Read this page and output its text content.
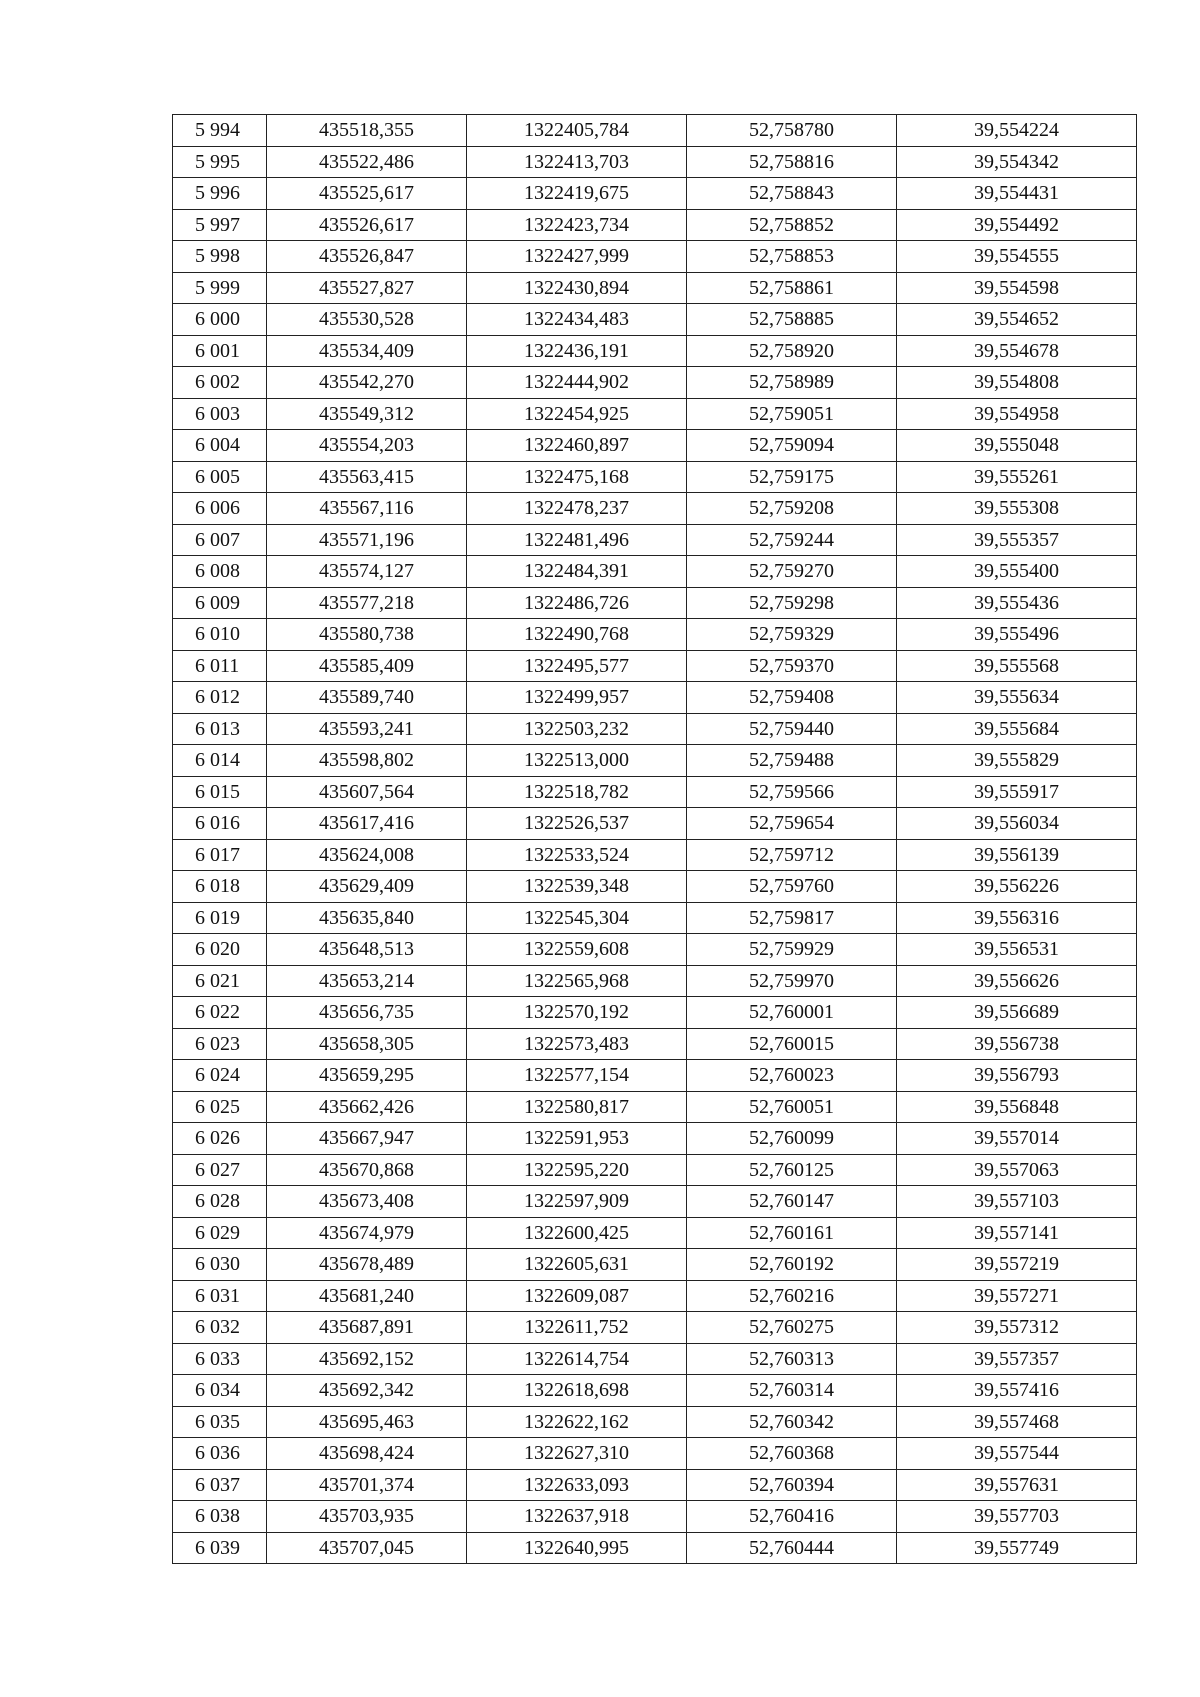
5 994	435518,355	1322405,784	52,758780	39,554224
5 995	435522,486	1322413,703	52,758816	39,554342
5 996	435525,617	1322419,675	52,758843	39,554431
5 997	435526,617	1322423,734	52,758852	39,554492
5 998	435526,847	1322427,999	52,758853	39,554555
5 999	435527,827	1322430,894	52,758861	39,554598
6 000	435530,528	1322434,483	52,758885	39,554652
6 001	435534,409	1322436,191	52,758920	39,554678
6 002	435542,270	1322444,902	52,758989	39,554808
6 003	435549,312	1322454,925	52,759051	39,554958
6 004	435554,203	1322460,897	52,759094	39,555048
6 005	435563,415	1322475,168	52,759175	39,555261
6 006	435567,116	1322478,237	52,759208	39,555308
6 007	435571,196	1322481,496	52,759244	39,555357
6 008	435574,127	1322484,391	52,759270	39,555400
6 009	435577,218	1322486,726	52,759298	39,555436
6 010	435580,738	1322490,768	52,759329	39,555496
6 011	435585,409	1322495,577	52,759370	39,555568
6 012	435589,740	1322499,957	52,759408	39,555634
6 013	435593,241	1322503,232	52,759440	39,555684
6 014	435598,802	1322513,000	52,759488	39,555829
6 015	435607,564	1322518,782	52,759566	39,555917
6 016	435617,416	1322526,537	52,759654	39,556034
6 017	435624,008	1322533,524	52,759712	39,556139
6 018	435629,409	1322539,348	52,759760	39,556226
6 019	435635,840	1322545,304	52,759817	39,556316
6 020	435648,513	1322559,608	52,759929	39,556531
6 021	435653,214	1322565,968	52,759970	39,556626
6 022	435656,735	1322570,192	52,760001	39,556689
6 023	435658,305	1322573,483	52,760015	39,556738
6 024	435659,295	1322577,154	52,760023	39,556793
6 025	435662,426	1322580,817	52,760051	39,556848
6 026	435667,947	1322591,953	52,760099	39,557014
6 027	435670,868	1322595,220	52,760125	39,557063
6 028	435673,408	1322597,909	52,760147	39,557103
6 029	435674,979	1322600,425	52,760161	39,557141
6 030	435678,489	1322605,631	52,760192	39,557219
6 031	435681,240	1322609,087	52,760216	39,557271
6 032	435687,891	1322611,752	52,760275	39,557312
6 033	435692,152	1322614,754	52,760313	39,557357
6 034	435692,342	1322618,698	52,760314	39,557416
6 035	435695,463	1322622,162	52,760342	39,557468
6 036	435698,424	1322627,310	52,760368	39,557544
6 037	435701,374	1322633,093	52,760394	39,557631
6 038	435703,935	1322637,918	52,760416	39,557703
6 039	435707,045	1322640,995	52,760444	39,557749
